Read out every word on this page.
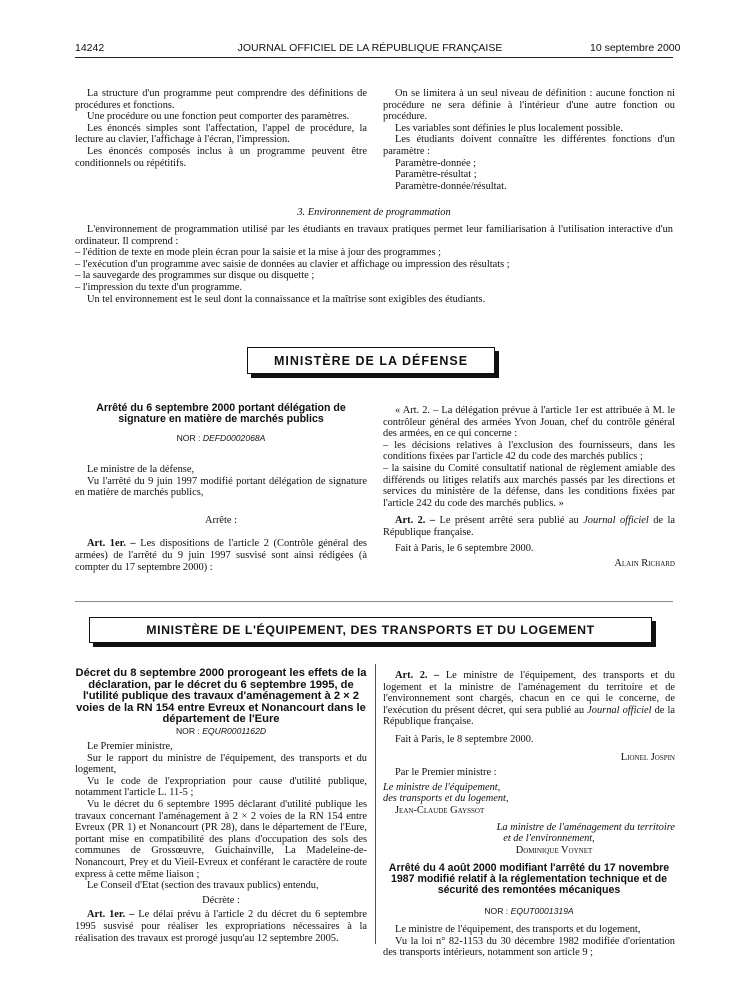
14242	JOURNAL OFFICIEL DE LA RÉPUBLIQUE FRANÇAISE	10 septembre 2000

La structure d'un programme peut comprendre des définitions de procédures et fonctions.

Une procédure ou une fonction peut comporter des paramètres.

Les énoncés simples sont l'affectation, l'appel de procédure, la lecture au clavier, l'affichage à l'écran, l'impression.

Les énoncés composés inclus à un programme peuvent être conditionnels ou répétitifs.

On se limitera à un seul niveau de définition : aucune fonction ni procédure ne sera définie à l'intérieur d'une autre fonction ou procédure.

Les variables sont définies le plus localement possible.

Les étudiants doivent connaître les différentes fonctions d'un paramètre :

Paramètre-donnée ;

Paramètre-résultat ;

Paramètre-donnée/résultat.

3. Environnement de programmation

L'environnement de programmation utilisé par les étudiants en travaux pratiques permet leur familiarisation à l'utilisation interactive d'un ordinateur. Il comprend :

– l'édition de texte en mode plein écran pour la saisie et la mise à jour des programmes ;

– l'exécution d'un programme avec saisie de données au clavier et affichage ou impression des résultats ;

– la sauvegarde des programmes sur disque ou disquette ;

– l'impression du texte d'un programme.

Un tel environnement est le seul dont la connaissance et la maîtrise sont exigibles des étudiants.

MINISTÈRE DE LA DÉFENSE
Arrêté du 6 septembre 2000 portant délégation de signature en matière de marchés publics
NOR : DEFD0002068A

Le ministre de la défense,

Vu l'arrêté du 9 juin 1997 modifié portant délégation de signature en matière de marchés publics,

Arrête :

Art. 1er. – Les dispositions de l'article 2 (Contrôle général des armées) de l'arrêté du 9 juin 1997 susvisé sont ainsi rédigées (à compter du 17 septembre 2000) :

« Art. 2. – La délégation prévue à l'article 1er est attribuée à M. le contrôleur général des armées Yvon Jouan, chef du contrôle général des armées, en ce qui concerne :

– les décisions relatives à l'exclusion des fournisseurs, dans les conditions fixées par l'article 42 du code des marchés publics ;

– la saisine du Comité consultatif national de règlement amiable des différends ou litiges relatifs aux marchés passés par les directions et services du ministère de la défense, dans les conditions fixées par l'article 242 du code des marchés publics. »

Art. 2. – Le présent arrêté sera publié au Journal officiel de la République française.

Fait à Paris, le 6 septembre 2000.

Alain Richard

MINISTÈRE DE L'ÉQUIPEMENT, DES TRANSPORTS ET DU LOGEMENT
Décret du 8 septembre 2000 prorogeant les effets de la déclaration, par le décret du 6 septembre 1995, de l'utilité publique des travaux d'aménagement à 2 × 2 voies de la RN 154 entre Evreux et Nonancourt dans le département de l'Eure
NOR : EQUR0001162D

Le Premier ministre,

Sur le rapport du ministre de l'équipement, des transports et du logement,

Vu le code de l'expropriation pour cause d'utilité publique, notamment l'article L. 11-5 ;

Vu le décret du 6 septembre 1995 déclarant d'utilité publique les travaux concernant l'aménagement à 2 × 2 voies de la RN 154 entre Evreux (PR 1) et Nonancourt (PR 28), dans le département de l'Eure, portant mise en compatibilité des plans d'occupation des sols des communes de Grossœuvre, Guichainville, La Madeleine-de-Nonancourt, Prey et du Vieil-Evreux et conférant le caractère de route express à cette même liaison ;

Le Conseil d'Etat (section des travaux publics) entendu,

Décrète :

Art. 1er. – Le délai prévu à l'article 2 du décret du 6 septembre 1995 susvisé pour réaliser les expropriations nécessaires à la réalisation des travaux est prorogé jusqu'au 12 septembre 2005.

Art. 2. – Le ministre de l'équipement, des transports et du logement et la ministre de l'aménagement du territoire et de l'environnement sont chargés, chacun en ce qui le concerne, de l'exécution du présent décret, qui sera publié au Journal officiel de la République française.

Fait à Paris, le 8 septembre 2000.

Lionel Jospin

Par le Premier ministre :

Le ministre de l'équipement,

des transports et du logement,

Jean-Claude Gayssot

La ministre de l'aménagement du territoire

et de l'environnement,

Dominique Voynet

Arrêté du 4 août 2000 modifiant l'arrêté du 17 novembre 1987 modifié relatif à la réglementation technique et de sécurité des remontées mécaniques
NOR : EQUT0001319A

Le ministre de l'équipement, des transports et du logement,

Vu la loi n° 82-1153 du 30 décembre 1982 modifiée d'orientation des transports intérieurs, notamment son article 9 ;
